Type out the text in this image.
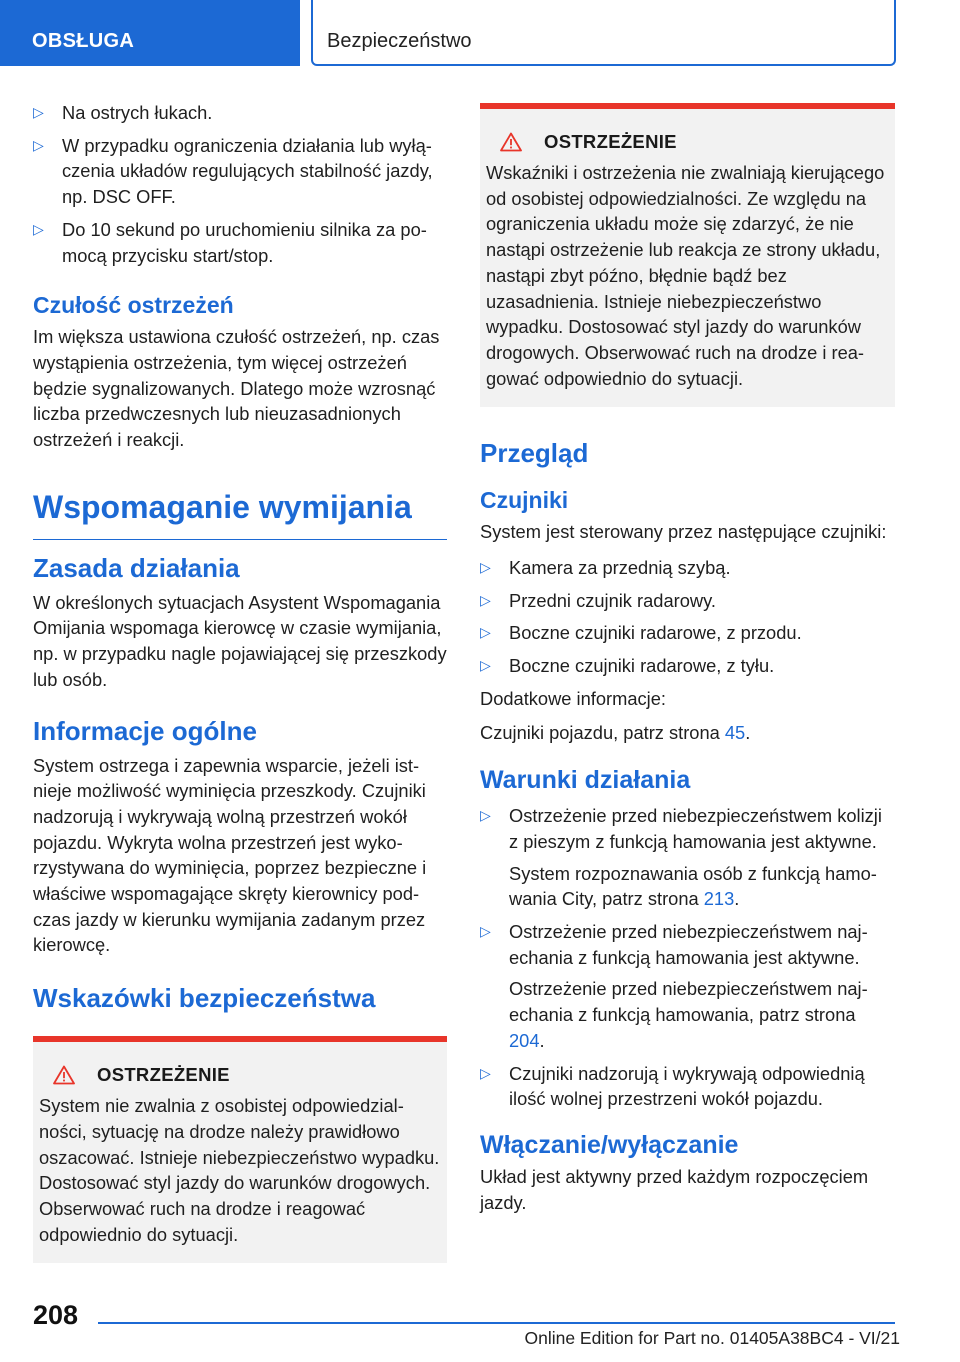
OBSŁUGA	Bezpieczeństwo
▷ Na ostrych łukach.
▷ W przypadku ograniczenia działania lub wyłączenia układów regulujących stabilność jazdy, np. DSC OFF.
▷ Do 10 sekund po uruchomieniu silnika za pomocą przycisku start/stop.
Czułość ostrzeżeń

Im większa ustawiona czułość ostrzeżeń, np. czas wystąpienia ostrzeżenia, tym więcej ostrzeżeń będzie sygnalizowanych. Dlatego może wzrosnąć liczba przedwczesnych lub nieuzasadnionych ostrzeżeń i reakcji.

Wspomaganie wymijania
Zasada działania

W określonych sytuacjach Asystent Wspomagania Omijania wspomaga kierowcę w czasie wymijania, np. w przypadku nagle pojawiającej się przeszkody lub osób.

Informacje ogólne

System ostrzega i zapewnia wsparcie, jeżeli istnieje możliwość wyminięcia przeszkody. Czujniki nadzorują i wykrywają wolną przestrzeń wokół pojazdu. Wykryta wolna przestrzeń jest wykorzystywana do wyminięcia, poprzez bezpieczne i właściwe wspomagające skręty kierownicy podczas jazdy w kierunku wymijania zadanym przez kierowcę.

Wskazówki bezpieczeństwa
OSTRZEŻENIE

System nie zwalnia z osobistej odpowiedzialności, sytuację na drodze należy prawidłowo oszacować. Istnieje niebezpieczeństwo wypadku. Dostosować styl jazdy do warunków drogowych. Obserwować ruch na drodze i reagować odpowiednio do sytuacji.

OSTRZEŻENIE

Wskaźniki i ostrzeżenia nie zwalniają kierującego od osobistej odpowiedzialności. Ze względu na ograniczenia układu może się zdarzyć, że nie nastąpi ostrzeżenie lub reakcja ze strony układu, nastąpi zbyt późno, błędnie bądź bez uzasadnienia. Istnieje niebezpieczeństwo wypadku. Dostosować styl jazdy do warunków drogowych. Obserwować ruch na drodze i reagować odpowiednio do sytuacji.

Przegląd
Czujniki

System jest sterowany przez następujące czujniki:

▷ Kamera za przednią szybą.
▷ Przedni czujnik radarowy.
▷ Boczne czujniki radarowe, z przodu.
▷ Boczne czujniki radarowe, z tyłu.

Dodatkowe informacje:

Czujniki pojazdu, patrz strona 45.

Warunki działania
▷ Ostrzeżenie przed niebezpieczeństwem kolizji z pieszym z funkcją hamowania jest aktywne.
System rozpoznawania osób z funkcją hamowania City, patrz strona 213.
▷ Ostrzeżenie przed niebezpieczeństwem najechania z funkcją hamowania jest aktywne.
Ostrzeżenie przed niebezpieczeństwem najechania z funkcją hamowania, patrz strona 204.
▷ Czujniki nadzorują i wykrywają odpowiednią ilość wolnej przestrzeni wokół pojazdu.
Włączanie/wyłączanie

Układ jest aktywny przed każdym rozpoczęciem jazdy.

208
Online Edition for Part no. 01405A38BC4 - VI/21
